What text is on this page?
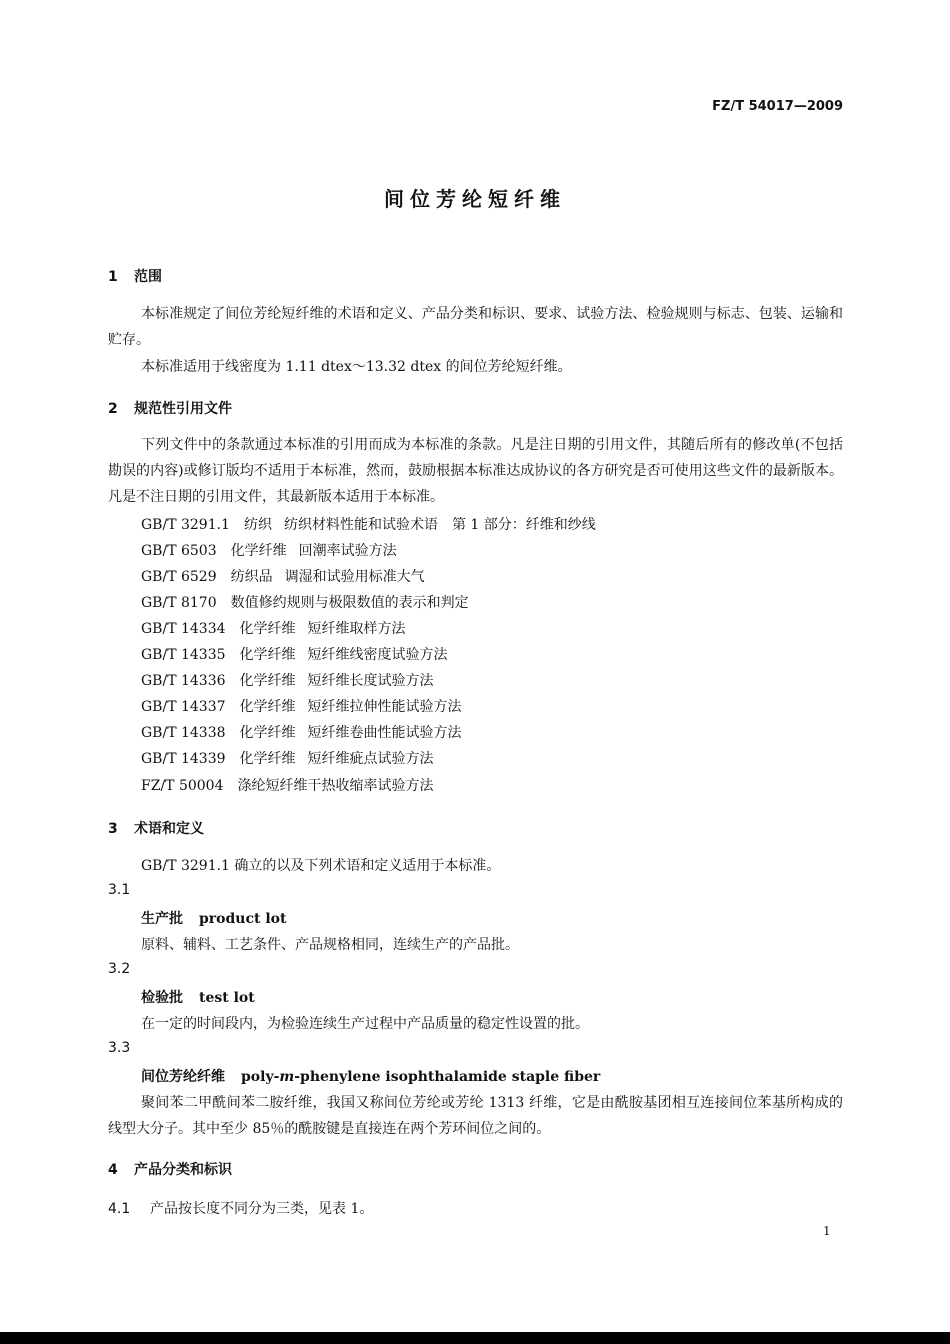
FZ/T 54017—2009
间位芳纶短纤维
1 范围
本标准规定了间位芳纶短纤维的术语和定义、产品分类和标识、要求、试验方法、检验规则与标志、包装、运输和贮存。
本标准适用于线密度为 1.11 dtex～13.32 dtex 的间位芳纶短纤维。
2 规范性引用文件
下列文件中的条款通过本标准的引用而成为本标准的条款。凡是注日期的引用文件，其随后所有的修改单(不包括勘误的内容)或修订版均不适用于本标准，然而，鼓励根据本标准达成协议的各方研究是否可使用这些文件的最新版本。凡是不注日期的引用文件，其最新版本适用于本标准。
GB/T 3291.1 纺织 纺织材料性能和试验术语　第 1 部分：纤维和纱线
GB/T 6503 化学纤维 回潮率试验方法
GB/T 6529 纺织品 调湿和试验用标准大气
GB/T 8170 数值修约规则与极限数值的表示和判定
GB/T 14334 化学纤维 短纤维取样方法
GB/T 14335 化学纤维 短纤维线密度试验方法
GB/T 14336 化学纤维 短纤维长度试验方法
GB/T 14337 化学纤维 短纤维拉伸性能试验方法
GB/T 14338 化学纤维 短纤维卷曲性能试验方法
GB/T 14339 化学纤维 短纤维疵点试验方法
FZ/T 50004 涤纶短纤维干热收缩率试验方法
3 术语和定义
GB/T 3291.1 确立的以及下列术语和定义适用于本标准。
3.1
生产批 product lot
原料、辅料、工艺条件、产品规格相同，连续生产的产品批。
3.2
检验批 test lot
在一定的时间段内，为检验连续生产过程中产品质量的稳定性设置的批。
3.3
间位芳纶纤维 poly-m-phenylene isophthalamide staple fiber
聚间苯二甲酰间苯二胺纤维，我国又称间位芳纶或芳纶 1313 纤维，它是由酰胺基团相互连接间位苯基所构成的线型大分子。其中至少 85％的酰胺键是直接连在两个芳环间位之间的。
4 产品分类和标识
4.1 产品按长度不同分为三类，见表 1。
1
